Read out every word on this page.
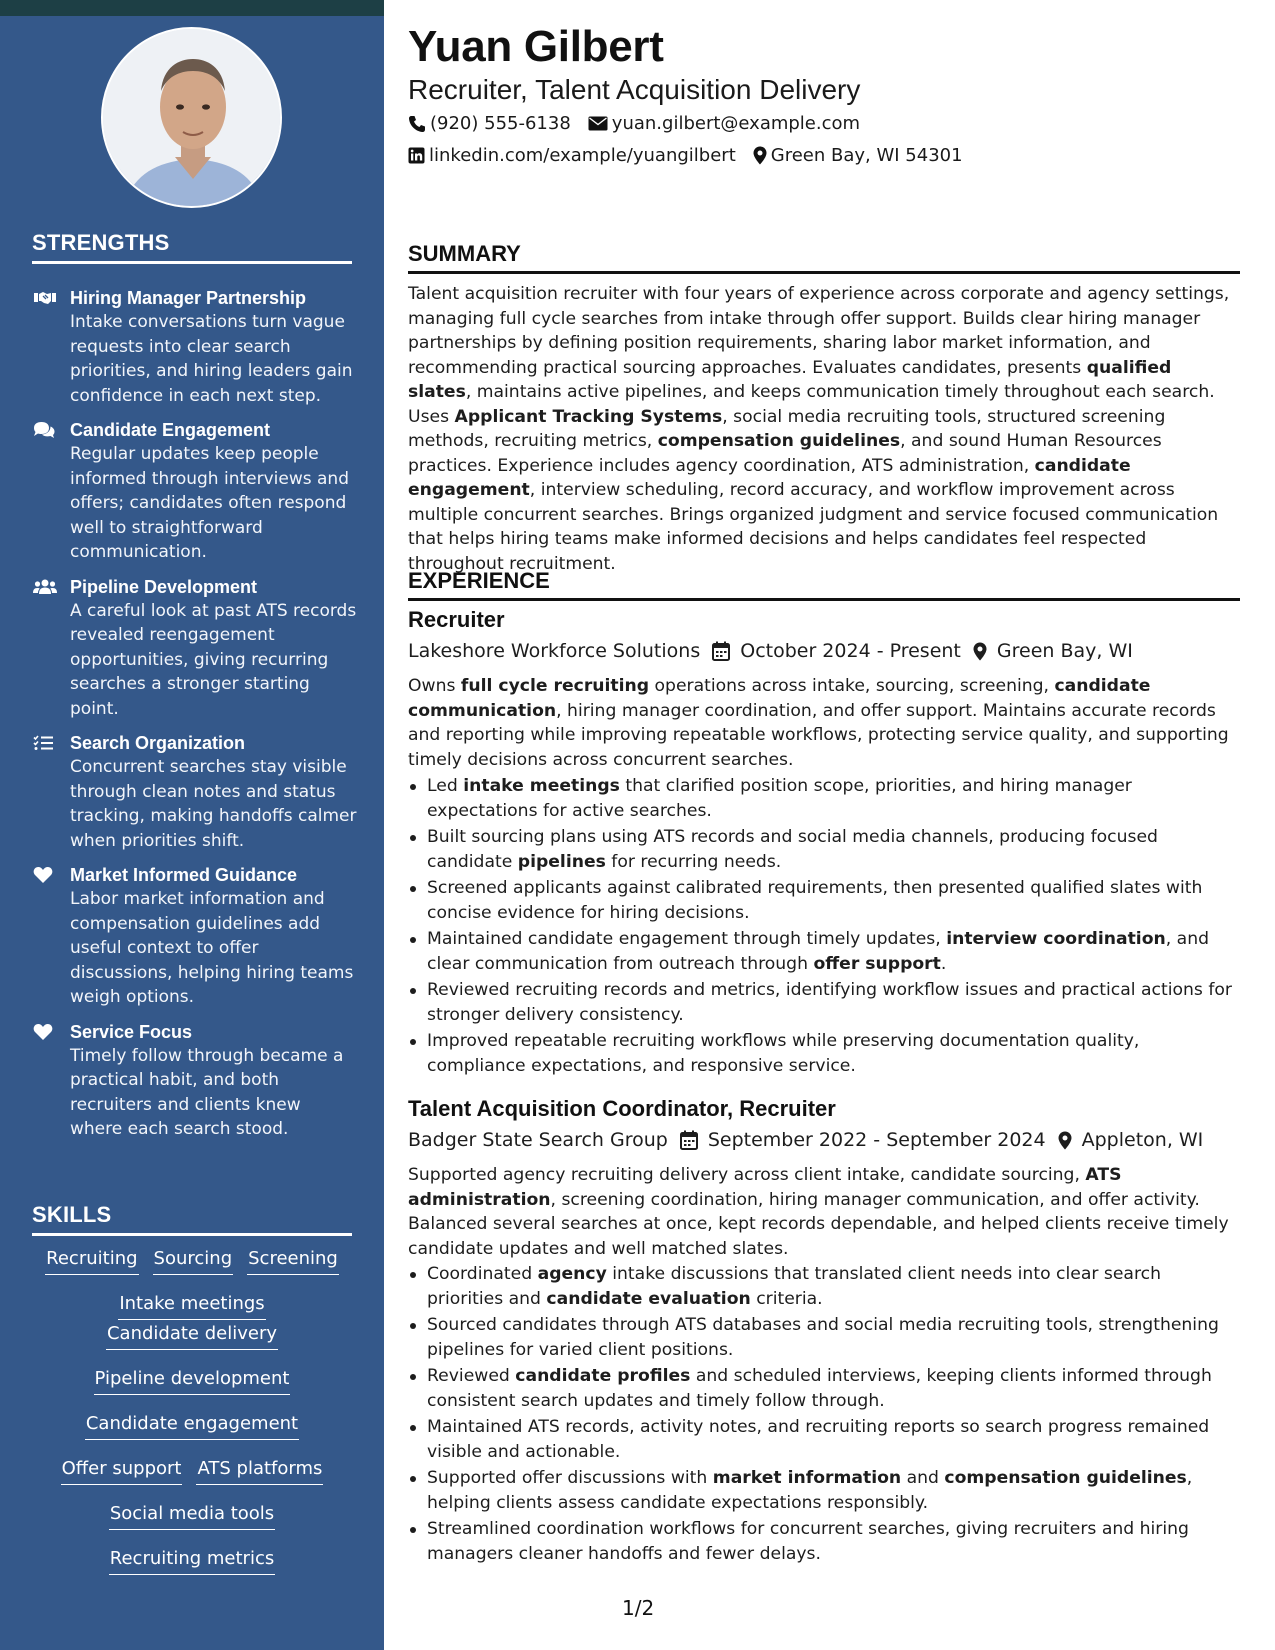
STRENGTHS
Hiring Manager Partnership
Intake conversations turn vague requests into clear search priorities, and hiring leaders gain confidence in each next step.
Candidate Engagement
Regular updates keep people informed through interviews and offers; candidates often respond well to straightforward communication.
Pipeline Development
A careful look at past ATS records revealed reengagement opportunities, giving recurring searches a stronger starting point.
Search Organization
Concurrent searches stay visible through clean notes and status tracking, making handoffs calmer when priorities shift.
Market Informed Guidance
Labor market information and compensation guidelines add useful context to offer discussions, helping hiring teams weigh options.
Service Focus
Timely follow through became a practical habit, and both recruiters and clients knew where each search stood.
SKILLS
Recruiting Sourcing Screening
Intake meetingsCandidate delivery
Pipeline development
Candidate engagement
Offer support ATS platforms
Social media tools
Recruiting metrics
Yuan Gilbert
Recruiter, Talent Acquisition Delivery
(920) 555-6138 yuan.gilbert@example.com
linkedin.com/example/yuangilbert Green Bay, WI 54301
SUMMARY
Talent acquisition recruiter with four years of experience across corporate and agency settings, managing full cycle searches from intake through offer support. Builds clear hiring manager partnerships by defining position requirements, sharing labor market information, and recommending practical sourcing approaches. Evaluates candidates, presents qualified slates, maintains active pipelines, and keeps communication timely throughout each search. Uses Applicant Tracking Systems, social media recruiting tools, structured screening methods, recruiting metrics, compensation guidelines, and sound Human Resources practices. Experience includes agency coordination, ATS administration, candidate engagement, interview scheduling, record accuracy, and workflow improvement across multiple concurrent searches. Brings organized judgment and service focused communication that helps hiring teams make informed decisions and helps candidates feel respected throughout recruitment.
EXPERIENCE
Recruiter
Lakeshore Workforce Solutions October 2024 - Present Green Bay, WI
Owns full cycle recruiting operations across intake, sourcing, screening, candidate communication, hiring manager coordination, and offer support. Maintains accurate records and reporting while improving repeatable workflows, protecting service quality, and supporting timely decisions across concurrent searches.
Led intake meetings that clarified position scope, priorities, and hiring manager expectations for active searches.
Built sourcing plans using ATS records and social media channels, producing focused candidate pipelines for recurring needs.
Screened applicants against calibrated requirements, then presented qualified slates with concise evidence for hiring decisions.
Maintained candidate engagement through timely updates, interview coordination, and clear communication from outreach through offer support.
Reviewed recruiting records and metrics, identifying workflow issues and practical actions for stronger delivery consistency.
Improved repeatable recruiting workflows while preserving documentation quality, compliance expectations, and responsive service.
Talent Acquisition Coordinator, Recruiter
Badger State Search Group September 2022 - September 2024 Appleton, WI
Supported agency recruiting delivery across client intake, candidate sourcing, ATS administration, screening coordination, hiring manager communication, and offer activity. Balanced several searches at once, kept records dependable, and helped clients receive timely candidate updates and well matched slates.
Coordinated agency intake discussions that translated client needs into clear search priorities and candidate evaluation criteria.
Sourced candidates through ATS databases and social media recruiting tools, strengthening pipelines for varied client positions.
Reviewed candidate profiles and scheduled interviews, keeping clients informed through consistent search updates and timely follow through.
Maintained ATS records, activity notes, and recruiting reports so search progress remained visible and actionable.
Supported offer discussions with market information and compensation guidelines, helping clients assess candidate expectations responsibly.
Streamlined coordination workflows for concurrent searches, giving recruiters and hiring managers cleaner handoffs and fewer delays.
1/2
